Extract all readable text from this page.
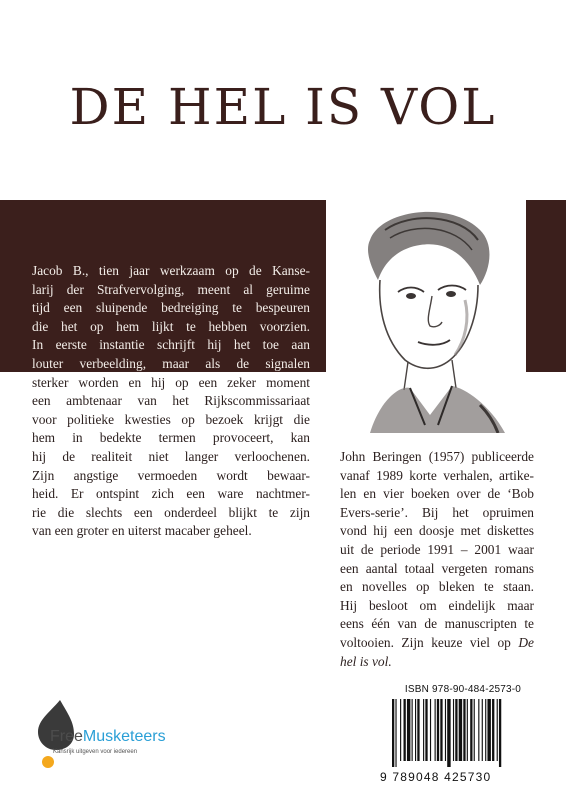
DE HEL IS VOL
Jacob B., tien jaar werkzaam op de Kanse-
larij der Strafvervolging, meent al geruime
tijd een sluipende bedreiging te bespeuren
die het op hem lijkt te hebben voorzien.
In eerste instantie schrijft hij het toe aan
louter verbeelding, maar als de signalen
sterker worden en hij op een zeker moment
een ambtenaar van het Rijkscommissariaat
voor politieke kwesties op bezoek krijgt die
hem in bedekte termen provoceert, kan
hij de realiteit niet langer verloochenen.
Zijn angstige vermoeden wordt bewaar-
heid. Er ontspint zich een ware nachtmer-
rie die slechts een onderdeel blijkt te zijn
van een groter en uiterst macaber geheel.
John Beringen (1957) publiceerde
vanaf 1989 korte verhalen, artike-
len en vier boeken over de ‘Bob
Evers-serie’. Bij het opruimen
vond hij een doosje met diskettes
uit de periode 1991 – 2001 waar
een aantal totaal vergeten romans
en novelles op bleken te staan.
Hij besloot om eindelijk maar
eens één van de manuscripten te
voltooien. Zijn keuze viel op De
hel is vol.
FreeMusketeers
Kansrijk uitgeven voor iedereen
ISBN 978-90-484-2573-0
9 789048 425730
